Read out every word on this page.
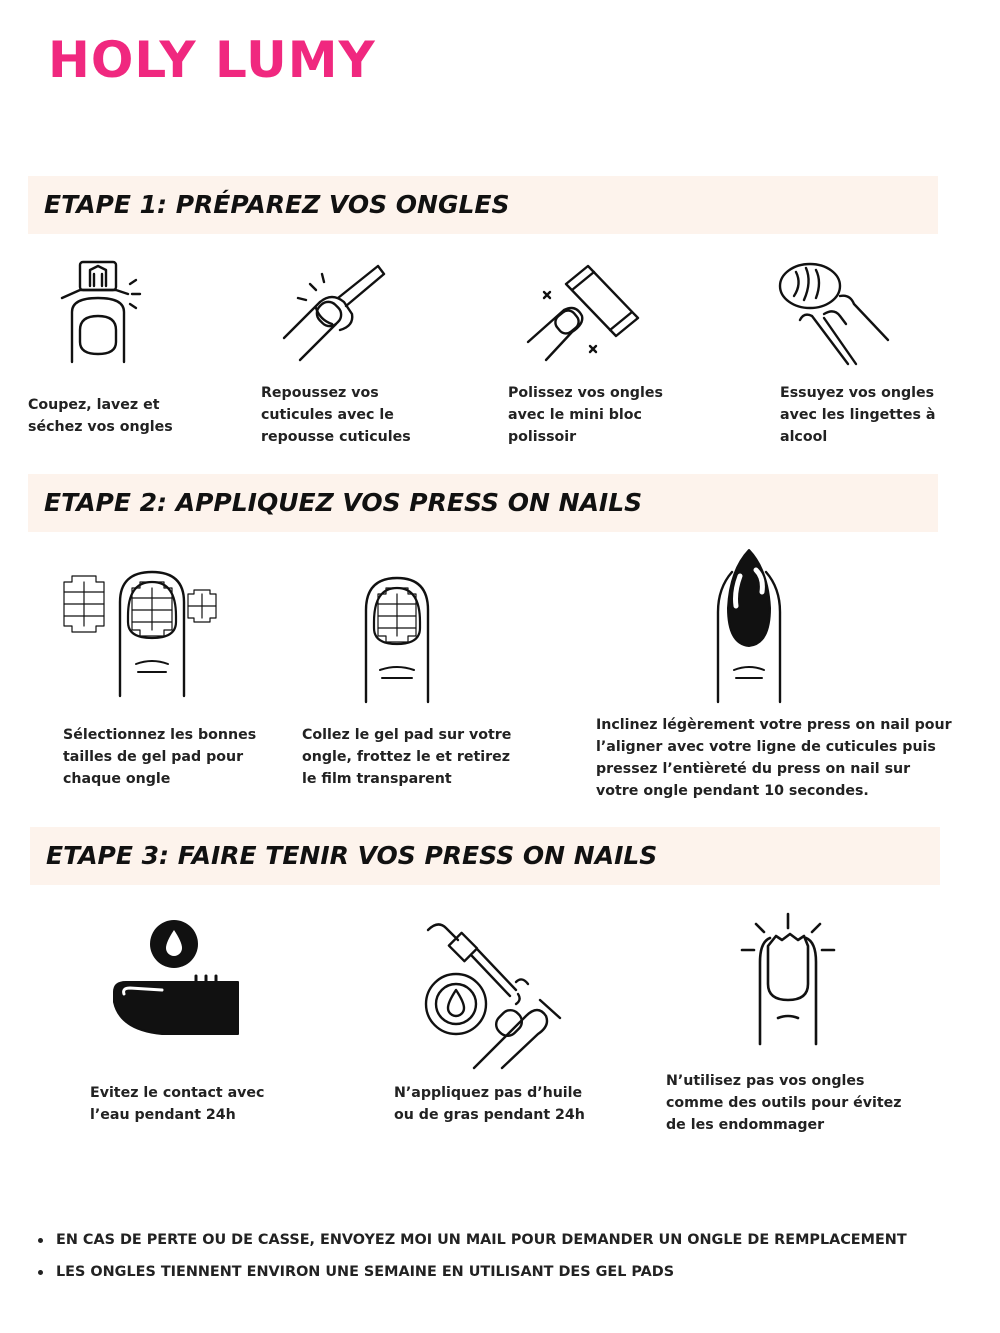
HOLY LUMY
ETAPE 1: PRÉPAREZ VOS ONGLES
Coupez, lavez et séchez vos ongles
Repoussez vos cuticules avec le repousse cuticules
Polissez vos ongles avec le mini bloc polissoir
Essuyez vos ongles avec les lingettes à alcool
ETAPE 2: APPLIQUEZ VOS PRESS ON NAILS
Sélectionnez les bonnes tailles de gel pad pour chaque ongle
Collez le gel pad sur votre ongle, frottez le et retirez le film transparent
Inclinez légèrement votre press on nail pour l’aligner avec votre ligne de cuticules puis pressez l’entièreté du press on nail sur votre ongle pendant 10 secondes.
ETAPE 3: FAIRE TENIR VOS PRESS ON NAILS
Evitez le contact avec l’eau pendant 24h
N’appliquez pas d’huile ou de gras pendant 24h
N’utilisez pas vos ongles comme des outils pour évitez de les endommager
EN CAS DE PERTE OU DE CASSE, ENVOYEZ MOI UN MAIL POUR DEMANDER UN ONGLE DE REMPLACEMENT
LES ONGLES TIENNENT ENVIRON UNE SEMAINE EN UTILISANT DES GEL PADS
